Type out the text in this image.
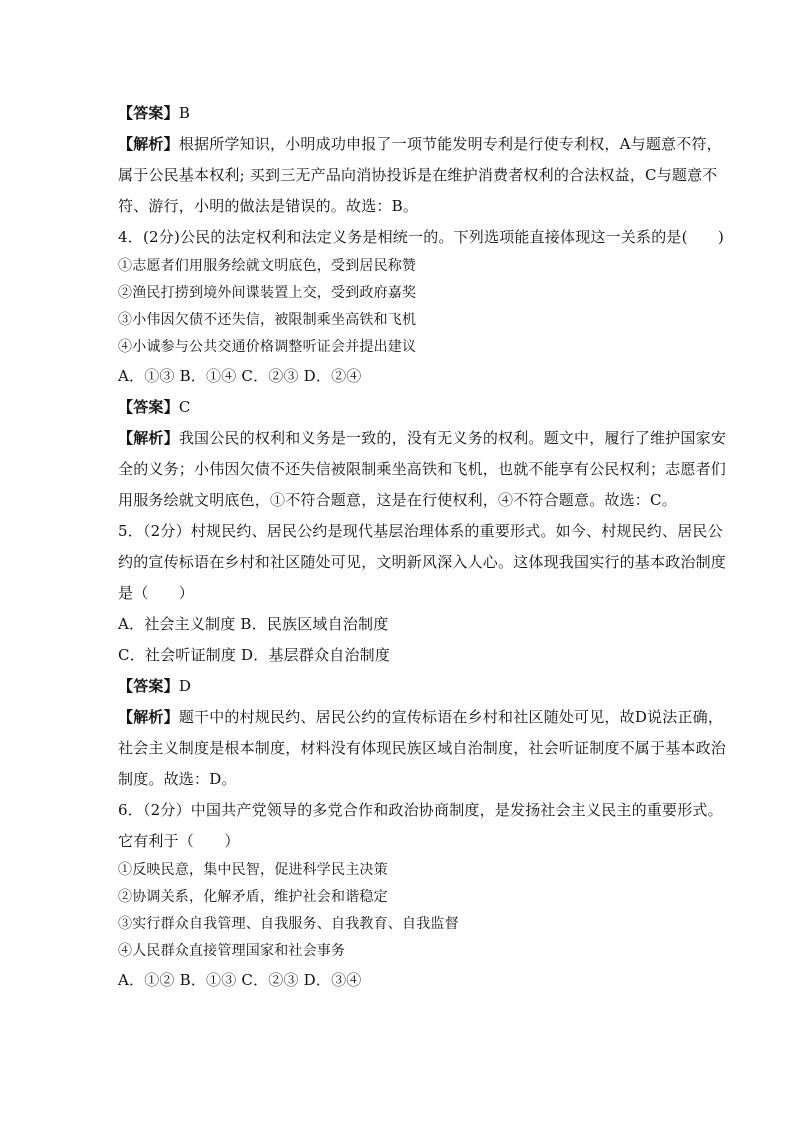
【答案】B
【解析】根据所学知识，小明成功申报了一项节能发明专利是行使专利权，A与题意不符，
属于公民基本权利; 买到三无产品向消协投诉是在维护消费者权利的合法权益，C与题意不
符、游行，小明的做法是错误的。故选：B。
4．(2分)公民的法定权利和法定义务是相统一的。下列选项能直接体现这一关系的是(　　)
①志愿者们用服务绘就文明底色，受到居民称赞
②渔民打捞到境外间谍装置上交，受到政府嘉奖
③小伟因欠债不还失信，被限制乘坐高铁和飞机
④小诚参与公共交通价格调整听证会并提出建议
A．①③ B．①④ C．②③ D．②④
【答案】C
【解析】我国公民的权利和义务是一致的，没有无义务的权利。题文中，履行了维护国家安
全的义务；小伟因欠债不还失信被限制乘坐高铁和飞机，也就不能享有公民权利；志愿者们
用服务绘就文明底色，①不符合题意，这是在行使权利，④不符合题意。故选：C。
5．（2分）村规民约、居民公约是现代基层治理体系的重要形式。如今、村规民约、居民公
约的宣传标语在乡村和社区随处可见，文明新风深入人心。这体现我国实行的基本政治制度
是（　　）
A．社会主义制度 B．民族区域自治制度
C．社会听证制度 D．基层群众自治制度
【答案】D
【解析】题干中的村规民约、居民公约的宣传标语在乡村和社区随处可见，故D说法正确，
社会主义制度是根本制度，材料没有体现民族区域自治制度，社会听证制度不属于基本政治
制度。故选：D。
6．（2分）中国共产党领导的多党合作和政治协商制度，是发扬社会主义民主的重要形式。
它有利于（　　）
①反映民意，集中民智，促进科学民主决策
②协调关系，化解矛盾，维护社会和谐稳定
③实行群众自我管理、自我服务、自我教育、自我监督
④人民群众直接管理国家和社会事务
A．①② B．①③ C．②③ D．③④
